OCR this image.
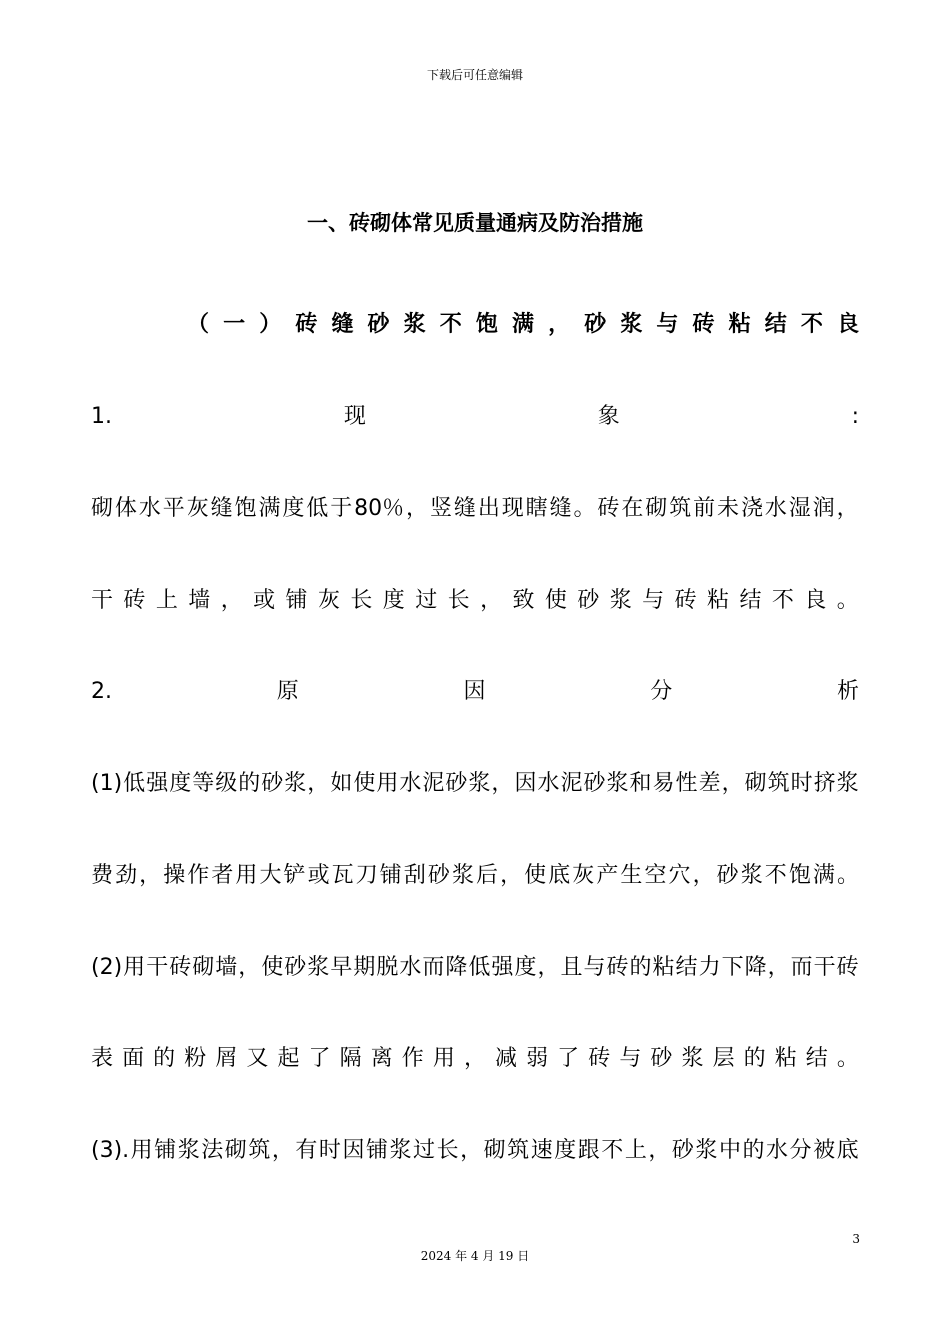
下载后可任意编辑
一、砖砌体常见质量通病及防治措施
（ 一 ） 砖 缝 砂 浆 不 饱 满 ， 砂 浆 与 砖 粘 结 不 良
1.	现	象	:
砌 体 水 平 灰 缝 饱 满 度 低 于 80％ ， 竖 缝 出 现 瞎 缝 。 砖 在 砌 筑 前 未 浇 水 湿 润 ，
干 砖 上 墙 ， 或 铺 灰 长 度 过 长 ， 致 使 砂 浆 与 砖 粘 结 不 良 。
2.	原	因	分	析
(1) 低 强 度 等 级 的 砂 浆 ， 如 使 用 水 泥 砂 浆 ， 因 水 泥 砂 浆 和 易 性 差 ， 砌 筑 时 挤 浆
费 劲 ， 操 作 者 用 大 铲 或 瓦 刀 铺 刮 砂 浆 后 ， 使 底 灰 产 生 空 穴 ， 砂 浆 不 饱 满 。
(2) 用 干 砖 砌 墙 ， 使 砂 浆 早 期 脱 水 而 降 低 强 度 ， 且 与 砖 的 粘 结 力 下 降 ， 而 干 砖
表 面 的 粉 屑 又 起 了 隔 离 作 用 ， 减 弱 了 砖 与 砂 浆 层 的 粘 结 。
(3). 用 铺 浆 法 砌 筑 ， 有 时 因 铺 浆 过 长 ， 砌 筑 速 度 跟 不 上 ， 砂 浆 中 的 水 分 被 底
3
2024 年 4 月 19 日
